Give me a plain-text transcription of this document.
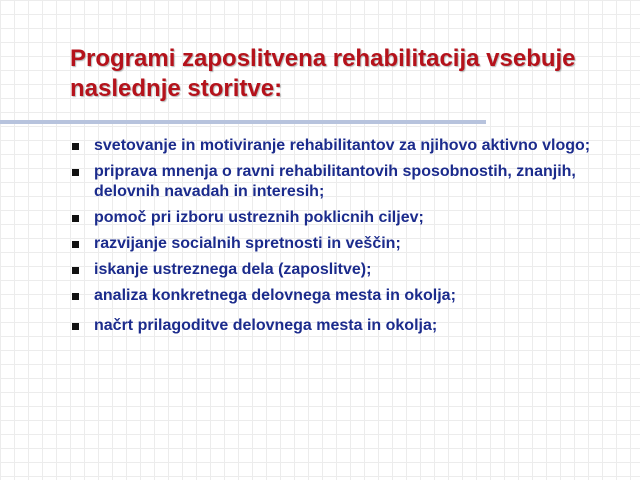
Programi zaposlitvena rehabilitacija vsebuje naslednje storitve:
svetovanje in motiviranje rehabilitantov za njihovo aktivno vlogo;
priprava mnenja o ravni rehabilitantovih sposobnostih, znanjih, delovnih navadah in interesih;
pomoč pri izboru ustreznih poklicnih ciljev;
razvijanje socialnih spretnosti in veščin;
iskanje ustreznega dela (zaposlitve);
analiza konkretnega delovnega mesta in okolja;
načrt prilagoditve delovnega mesta in okolja;
